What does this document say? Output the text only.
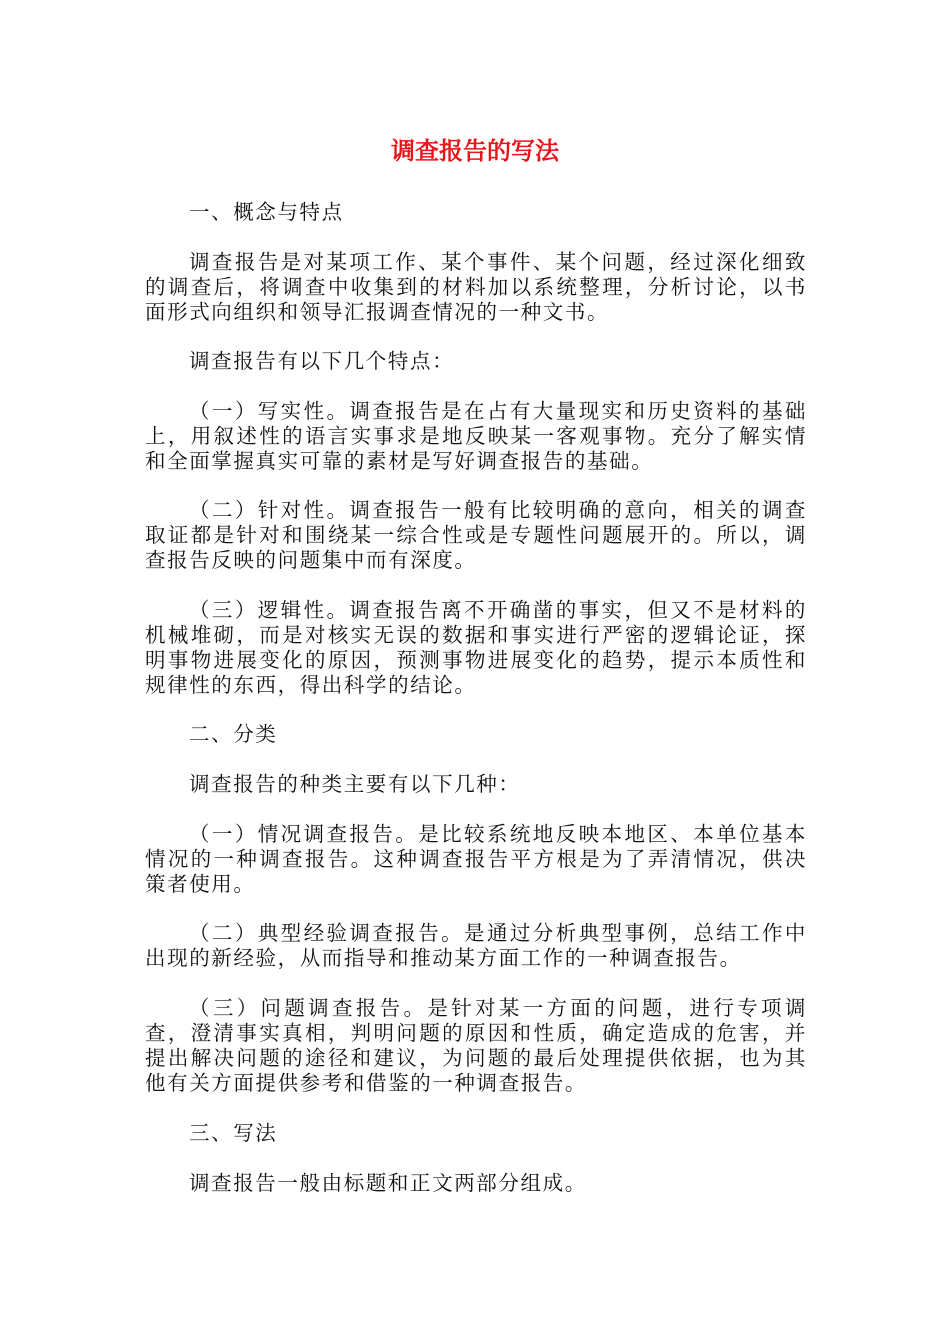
调查报告的写法

一、概念与特点

调查报告是对某项工作、某个事件、某个问题，经过深化细致的调查后，将调查中收集到的材料加以系统整理，分析讨论，以书面形式向组织和领导汇报调查情况的一种文书。

调查报告有以下几个特点：

（一）写实性。调查报告是在占有大量现实和历史资料的基础上，用叙述性的语言实事求是地反映某一客观事物。充分了解实情和全面掌握真实可靠的素材是写好调查报告的基础。

（二）针对性。调查报告一般有比较明确的意向，相关的调查取证都是针对和围绕某一综合性或是专题性问题展开的。所以，调查报告反映的问题集中而有深度。

（三）逻辑性。调查报告离不开确凿的事实，但又不是材料的机械堆砌，而是对核实无误的数据和事实进行严密的逻辑论证，探明事物进展变化的原因，预测事物进展变化的趋势，提示本质性和规律性的东西，得出科学的结论。

二、分类

调查报告的种类主要有以下几种：

（一）情况调查报告。是比较系统地反映本地区、本单位基本情况的一种调查报告。这种调查报告平方根是为了弄清情况，供决策者使用。

（二）典型经验调查报告。是通过分析典型事例，总结工作中出现的新经验，从而指导和推动某方面工作的一种调查报告。

（三）问题调查报告。是针对某一方面的问题，进行专项调查，澄清事实真相，判明问题的原因和性质，确定造成的危害，并提出解决问题的途径和建议，为问题的最后处理提供依据，也为其他有关方面提供参考和借鉴的一种调查报告。

三、写法

调查报告一般由标题和正文两部分组成。
